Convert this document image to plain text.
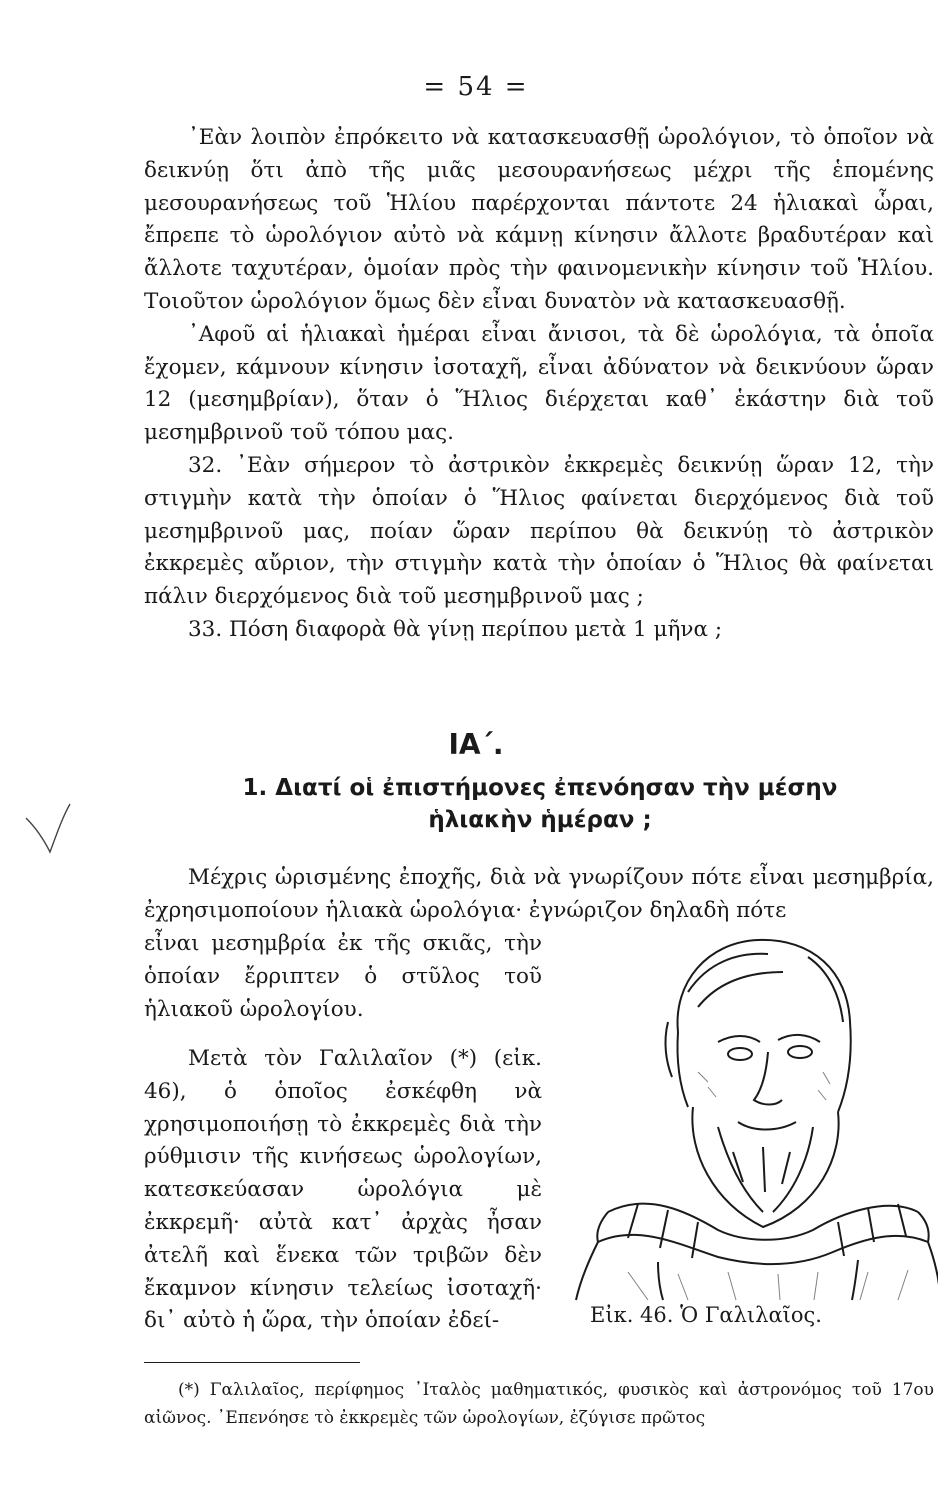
= 54 =

᾿Εὰν λοιπὸν ἐπρόκειτο νὰ κατασκευασθῇ ὡρολόγιον, τὸ ὁποῖον νὰ δεικνύῃ ὅτι ἀπὸ τῆς μιᾶς μεσουρανήσεως μέχρι τῆς ἑπομένης μεσουρανήσεως τοῦ Ἡλίου παρέρχονται πάντοτε 24 ἡλιακαὶ ὧραι, ἔπρεπε τὸ ὡρολόγιον αὐτὸ νὰ κάμνῃ κίνησιν ἄλλοτε βραδυτέραν καὶ ἄλλοτε ταχυτέραν, ὁμοίαν πρὸς τὴν φαινομενικὴν κίνησιν τοῦ Ἡλίου. Τοιοῦτον ὡρολόγιον ὅμως δὲν εἶναι δυνατὸν νὰ κατασκευασθῇ.

᾿Αφοῦ αἱ ἡλιακαὶ ἡμέραι εἶναι ἄνισοι, τὰ δὲ ὡρολόγια, τὰ ὁποῖα ἔχομεν, κάμνουν κίνησιν ἰσοταχῆ, εἶναι ἀδύνατον νὰ δεικνύουν ὥραν 12 (μεσημβρίαν), ὅταν ὁ Ἥλιος διέρχεται καθ᾿ ἑκάστην διὰ τοῦ μεσημβρινοῦ τοῦ τόπου μας.

32. ᾿Εὰν σήμερον τὸ ἀστρικὸν ἐκκρεμὲς δεικνύῃ ὥραν 12, τὴν στιγμὴν κατὰ τὴν ὁποίαν ὁ Ἥλιος φαίνεται διερχόμενος διὰ τοῦ μεσημβρινοῦ μας, ποίαν ὥραν περίπου θὰ δεικνύῃ τὸ ἀστρικὸν ἐκκρεμὲς αὔριον, τὴν στιγμὴν κατὰ τὴν ὁποίαν ὁ Ἥλιος θὰ φαίνεται πάλιν διερχόμενος διὰ τοῦ μεσημβρινοῦ μας ;

33. Πόση διαφορὰ θὰ γίνῃ περίπου μετὰ 1 μῆνα ;

ΙΑ΄.
1. Διατί οἱ ἐπιστήμονες ἐπενόησαν τὴν μέσην ἡλιακὴν ἡμέραν ;

Μέχρις ὡρισμένης ἐποχῆς, διὰ νὰ γνωρίζουν πότε εἶναι μεσημβρία, ἐχρησιμοποίουν ἡλιακὰ ὡρολόγια· ἐγνώριζον δηλαδὴ πότε

εἶναι μεσημβρία ἐκ τῆς σκιᾶς, τὴν ὁποίαν ἔρριπτεν ὁ στῦλος τοῦ ἡλιακοῦ ὡρολογίου.

Μετὰ τὸν Γαλιλαῖον (*) (εἰκ. 46), ὁ ὁποῖος ἐσκέφθη νὰ χρησιμοποιήσῃ τὸ ἐκκρεμὲς διὰ τὴν ρύθμισιν τῆς κινήσεως ὡρολογίων, κατεσκεύασαν ὡρολόγια μὲ ἐκκρεμῆ· αὐτὰ κατ᾿ ἀρχὰς ἦσαν ἀτελῆ καὶ ἕνεκα τῶν τριβῶν δὲν ἔκαμνον κίνησιν τελείως ἰσοταχῆ· δι᾿ αὐτὸ ἡ ὥρα, τὴν ὁποίαν ἐδεί-	Εἰκ. 46. Ὁ Γαλιλαῖος.

(*) Γαλιλαῖος, περίφημος ᾿Ιταλὸς μαθηματικός, φυσικὸς καὶ ἀστρονόμος τοῦ 17ου αἰῶνος. ᾿Επενόησε τὸ ἐκκρεμὲς τῶν ὡρολογίων, ἐζύγισε πρῶτος
